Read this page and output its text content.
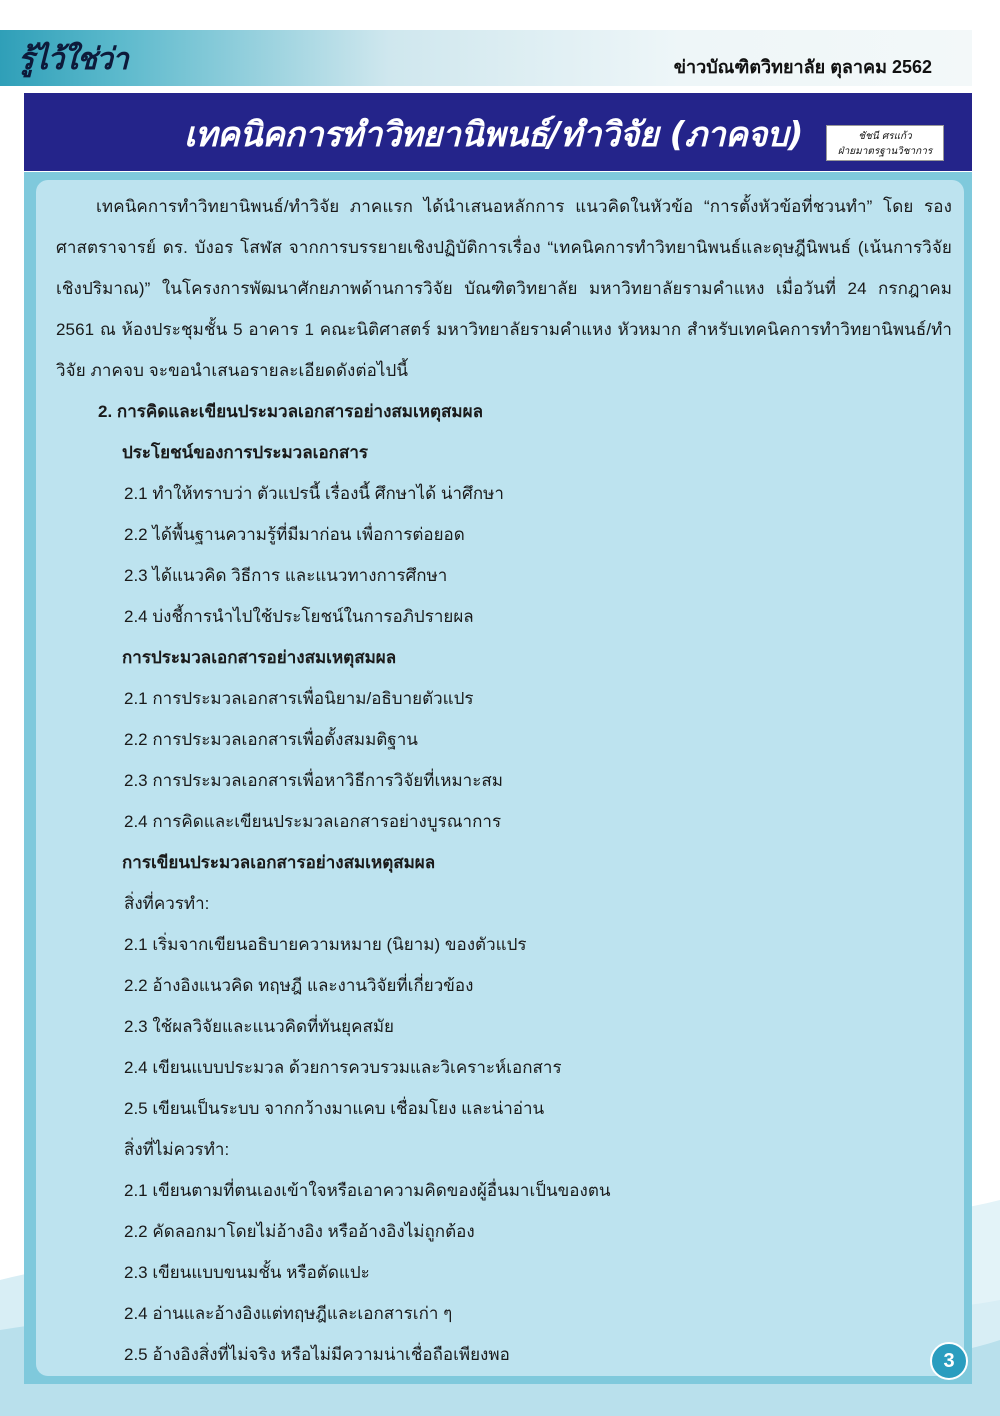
รู้ไว้ใช่ว่า	ข่าวบัณฑิตวิทยาลัย ตุลาคม 2562
เทคนิคการทำวิทยานิพนธ์/ทำวิจัย (ภาคจบ)	ชัชนี ศรแก้ว
ฝ่ายมาตรฐานวิชาการ

เทคนิคการทำวิทยานิพนธ์/ทำวิจัย ภาคแรก ได้นำเสนอหลักการ แนวคิดในหัวข้อ “การตั้งหัวข้อที่ชวนทำ” โดย รองศาสตราจารย์ ดร. บังอร โสฬส จากการบรรยายเชิงปฏิบัติการเรื่อง “เทคนิคการทำวิทยานิพนธ์และดุษฎีนิพนธ์ (เน้นการวิจัยเชิงปริมาณ)” ในโครงการพัฒนาศักยภาพด้านการวิจัย บัณฑิตวิทยาลัย มหาวิทยาลัยรามคำแหง เมื่อวันที่ 24 กรกฎาคม 2561 ณ ห้องประชุมชั้น 5 อาคาร 1 คณะนิติศาสตร์ มหาวิทยาลัยรามคำแหง หัวหมาก สำหรับเทคนิคการทำวิทยานิพนธ์/ทำวิจัย ภาคจบ จะขอนำเสนอรายละเอียดดังต่อไปนี้

2. การคิดและเขียนประมวลเอกสารอย่างสมเหตุสมผล

ประโยชน์ของการประมวลเอกสาร

2.1 ทำให้ทราบว่า ตัวแปรนี้ เรื่องนี้ ศึกษาได้ น่าศึกษา

2.2 ได้พื้นฐานความรู้ที่มีมาก่อน เพื่อการต่อยอด

2.3 ได้แนวคิด วิธีการ และแนวทางการศึกษา

2.4 บ่งชี้การนำไปใช้ประโยชน์ในการอภิปรายผล

การประมวลเอกสารอย่างสมเหตุสมผล

2.1 การประมวลเอกสารเพื่อนิยาม/อธิบายตัวแปร

2.2 การประมวลเอกสารเพื่อตั้งสมมติฐาน

2.3 การประมวลเอกสารเพื่อหาวิธีการวิจัยที่เหมาะสม

2.4 การคิดและเขียนประมวลเอกสารอย่างบูรณาการ

การเขียนประมวลเอกสารอย่างสมเหตุสมผล

สิ่งที่ควรทำ:

2.1 เริ่มจากเขียนอธิบายความหมาย (นิยาม) ของตัวแปร

2.2 อ้างอิงแนวคิด ทฤษฎี และงานวิจัยที่เกี่ยวข้อง

2.3 ใช้ผลวิจัยและแนวคิดที่ทันยุคสมัย

2.4 เขียนแบบประมวล ด้วยการควบรวมและวิเคราะห์เอกสาร

2.5 เขียนเป็นระบบ จากกว้างมาแคบ เชื่อมโยง และน่าอ่าน

สิ่งที่ไม่ควรทำ:

2.1 เขียนตามที่ตนเองเข้าใจหรือเอาความคิดของผู้อื่นมาเป็นของตน

2.2 คัดลอกมาโดยไม่อ้างอิง หรืออ้างอิงไม่ถูกต้อง

2.3 เขียนแบบขนมชั้น หรือตัดแปะ

2.4 อ่านและอ้างอิงแต่ทฤษฎีและเอกสารเก่า ๆ

2.5 อ้างอิงสิ่งที่ไม่จริง หรือไม่มีความน่าเชื่อถือเพียงพอ	3
